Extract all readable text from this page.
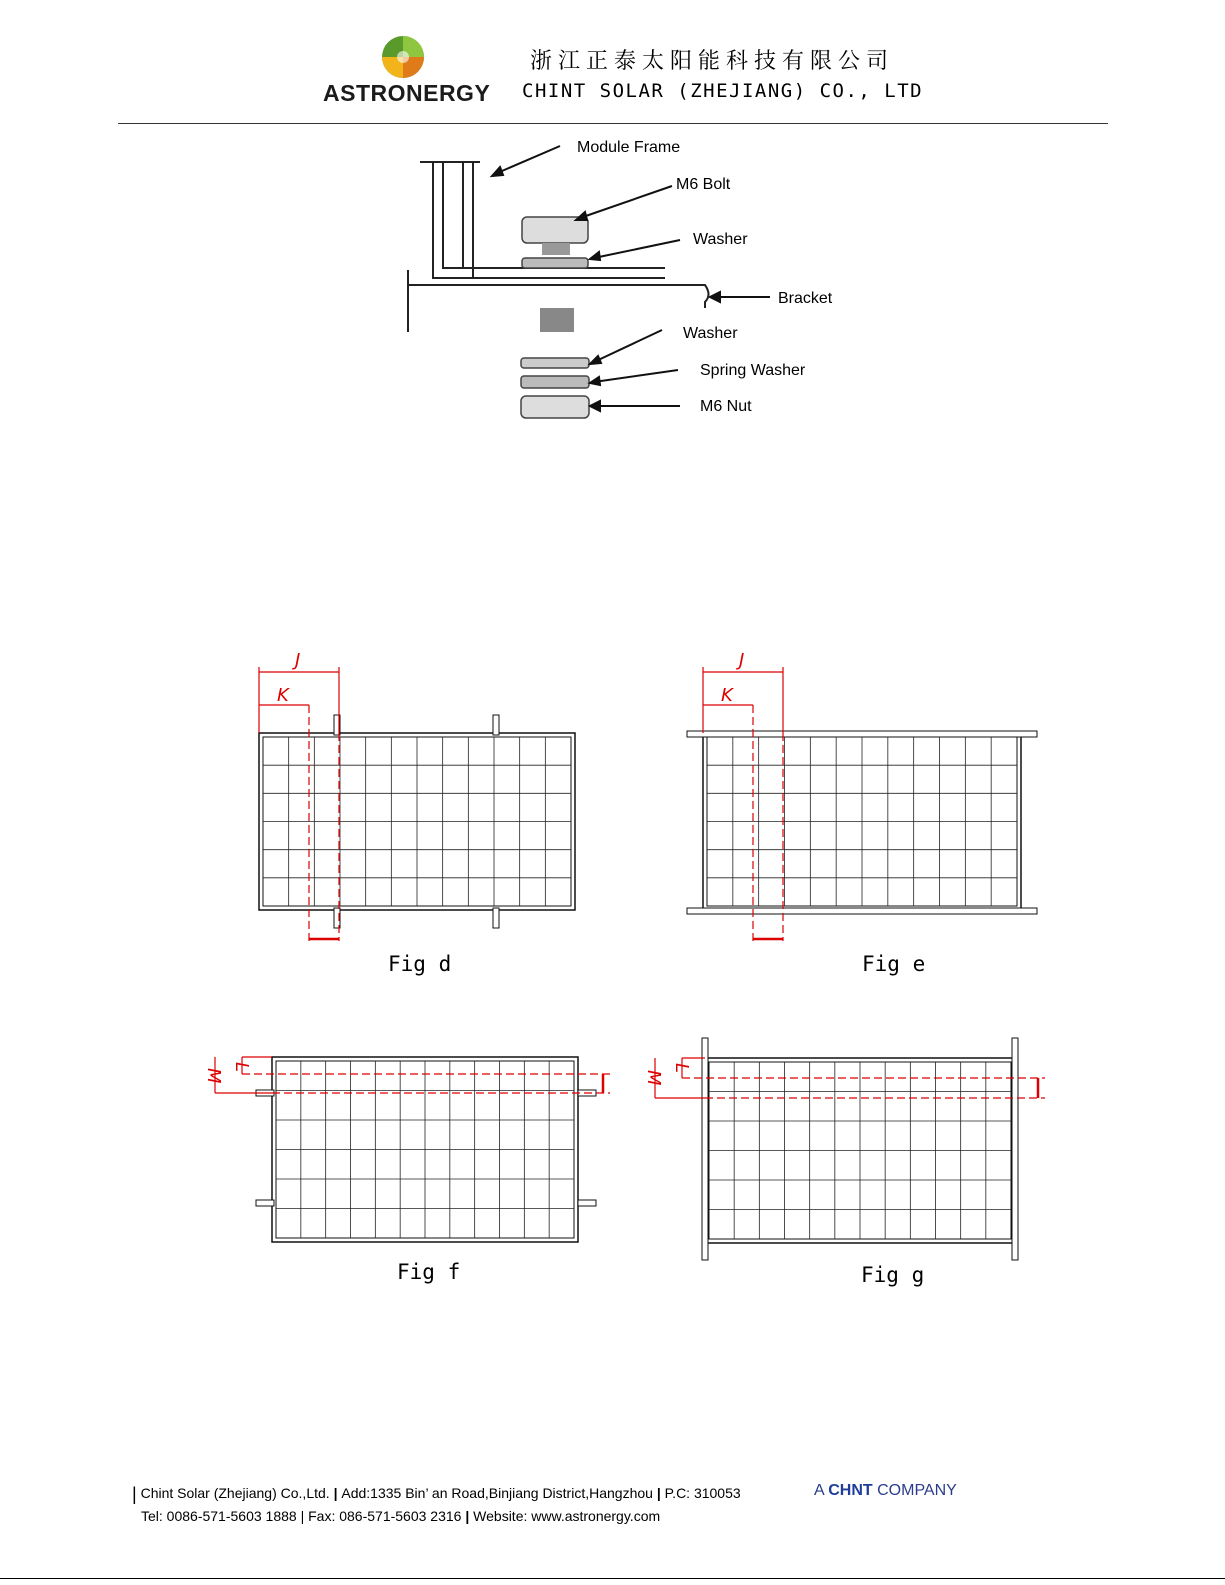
ASTRONERGY
浙江正泰太阳能科技有限公司
CHINT SOLAR (ZHEJIANG) CO., LTD
Module Frame
M6 Bolt
Washer
Bracket
Washer
Spring Washer
M6 Nut
J
K
J
K
M
L
M
L
Fig d	Fig e
Fig f	Fig g
| Chint Solar (Zhejiang) Co.,Ltd. | Add:1335 Bin’ an Road,Binjiang District,Hangzhou | P.C: 310053
Tel: 0086-571-5603 1888 | Fax: 086-571-5603 2316 | Website: www.astronergy.com
A CHNT COMPANY
